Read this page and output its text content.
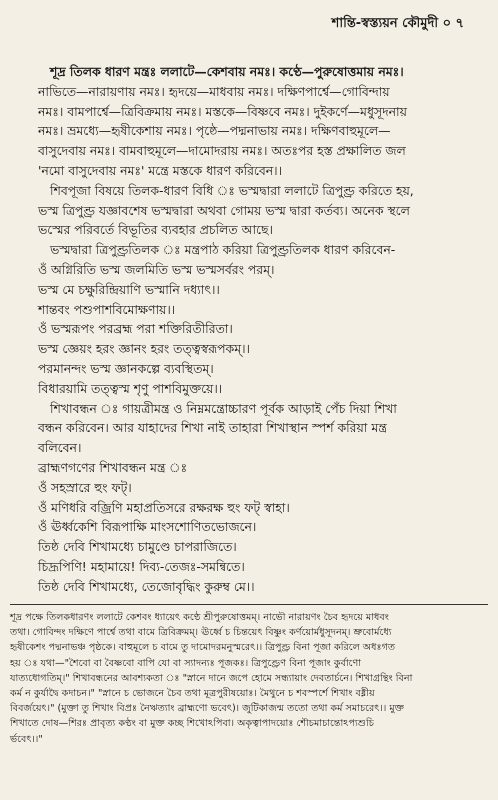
শান্তি-স্বস্ত্যয়ন কৌমুদী ০ ৭

শূদ্র তিলক ধারণ মন্ত্রঃ ললাটে—কেশবায় নমঃ। কণ্ঠে—পুরুষোত্তমায় নমঃ।

নাভিতে—নারায়ণায় নমঃ। হৃদয়ে—মাধবায় নমঃ। দক্ষিণপার্শ্বে—গোবিন্দায়

নমঃ। বামপার্শ্বে—ত্রিবিক্রমায় নমঃ। মস্তকে—বিষ্ণবে নমঃ। দুইকর্ণে—মধুসূদনায়

নমঃ। ভ্রমধ্যে—হৃষীকেশায় নমঃ। পৃষ্ঠে—পদ্মনাভায় নমঃ। দক্ষিণবাহুমূলে—

বাসুদেবায় নমঃ। বামবাহুমূলে—দামোদরায় নমঃ। অতঃপর হস্ত প্রক্ষালিত জল

'নমো বাসুদেবায় নমঃ' মন্ত্রে মস্তকে ধারণ করিবেন।।

শিবপূজা বিষয়ে তিলক-ধারণ বিধি ঃ ভস্মদ্বারা ললাটে ত্রিপুণ্ড্র করিতে হয়,

ভস্ম ত্রিপুণ্ড্র যজ্ঞাবশেষ ভস্মদ্বারা অথবা গোময় ভস্ম দ্বারা কর্তব্য। অনেক স্থলে

ভস্মের পরিবর্তে বিভূতির ব্যবহার প্রচলিত আছে।

ভস্মদ্বারা ত্রিপুণ্ড্রতিলক ঃ মন্ত্রপাঠ করিয়া ত্রিপুণ্ড্রতিলক ধারণ করিবেন-

ওঁ অগ্নিরিতি ভস্ম জলমিতি ভস্ম ভস্মসর্বরং পরম্।

ভস্ম মে চক্ষুরিন্দ্রিয়াণি ভস্মানি দধ্যাৎ।।

শান্তবং পশুপাশবিমোক্ষণায়।।

ওঁ ভস্মরূপং পরব্রহ্ম পরা শক্তিরিতীরিতা।

ভস্ম জ্ঞেয়ং হরং জ্ঞানং হরং তত্ত্বস্বরূপকম্।।

পরমানন্দং ভস্ম জ্ঞানকল্পে ব্যবস্থিতম্।

বিধারয়ামি তত্ত্বস্ম শৃণু পাশবিমুক্তয়ে।।

শিখাবন্ধন ঃ গায়ত্রীমন্ত্র ও নিম্নমন্ত্রোচ্চারণ পূর্বক আড়াই পেঁচ দিয়া শিখা

বন্ধন করিবেন। আর যাহাদের শিখা নাই তাহারা শিখাস্থান স্পর্শ করিয়া মন্ত্র

বলিবেন।

ব্রাহ্মণগণের শিখাবন্ধন মন্ত্র ঃ

ওঁ সহস্রারে হুং ফট্।

ওঁ মণিধরি বজ্রিণি মহাপ্রতিসরে রক্ষরক্ষ হুং ফট্ স্বাহা।

ওঁ ঊর্ধ্বকেশি বিরূপাক্ষি মাংসশোণিতভোজনে।

তিষ্ঠ দেবি শিখামধ্যে চামুণ্ডে চাপরাজিতে।

চিদ্রূপিণি! মহামায়ে! দিব্য-তেজঃ-সমন্বিতে।

তিষ্ঠ দেবি শিখামধ্যে, তেজোবৃদ্ধিং কুরুম্ব মে।।

শূদ্র পক্ষে তিলকধারণং ললাটে কেশবং ধ্যায়েৎ কণ্ঠে শ্রীপুরুষোত্তমম্। নাভৌ নারায়ণং চৈব হৃদয়ে মাধবং

তথা। গোবিন্দং দক্ষিণে পার্শ্বে তথা বামে ত্রিবিক্রমম্। ঊর্ধ্বে চ চিন্তয়েৎ বিষ্ণুং কর্ণয়োর্মধুসূদনম্। ভ্রুবোর্মধ্যে

হৃষীকেশং পদ্মনাভঞ্চ পৃষ্ঠকে। বাহুমূলে চ বামে তু দামোদরমনুস্মরেৎ।। ত্রিপুণ্ড্র বিনা পূজা করিলে অধঃগত

হয় ঃ যথা—"শৈবো বা বৈষ্ণবো বাপি যো বা স্যাদন্যঃ পূজকঃ। ত্রিপুণ্ড্রেণ বিনা পূজাং কুর্বাণো

যাত্যধোগতিম্।" শিখাবন্ধনের আবশ্যকতা ঃ "স্নানে দানে জপে হোমে সন্ধ্যায়াং দেবতার্চনে। শিখাগ্রন্থিং বিনা

কর্ম ন কুর্যাদ্বৈ কদাচন।" "স্নানে চ ভোজনে চৈব তথা মূত্রপুরীষয়োঃ। মৈথুনে চ শবস্পর্শে শিখাং বধ্নীয়

বিবর্জয়েৎ।" (মুক্তা তু শিখাং বিপ্রঃ নৈঋত্যাং ব্রাহ্মণো ভবেৎ)। জুটিকাজন্ম ততো তথা কর্ম সমাচরেৎ।। মুক্ত

শিখাতে দোষ—শিরঃ প্রাবৃত্য কণ্ঠং বা মুক্ত কচ্ছ শিখোঽপিবা। অকৃত্বাপাদয়োঃ শৌচমাচান্তোঽপ্যশুচি

র্ভবেৎ।।"
